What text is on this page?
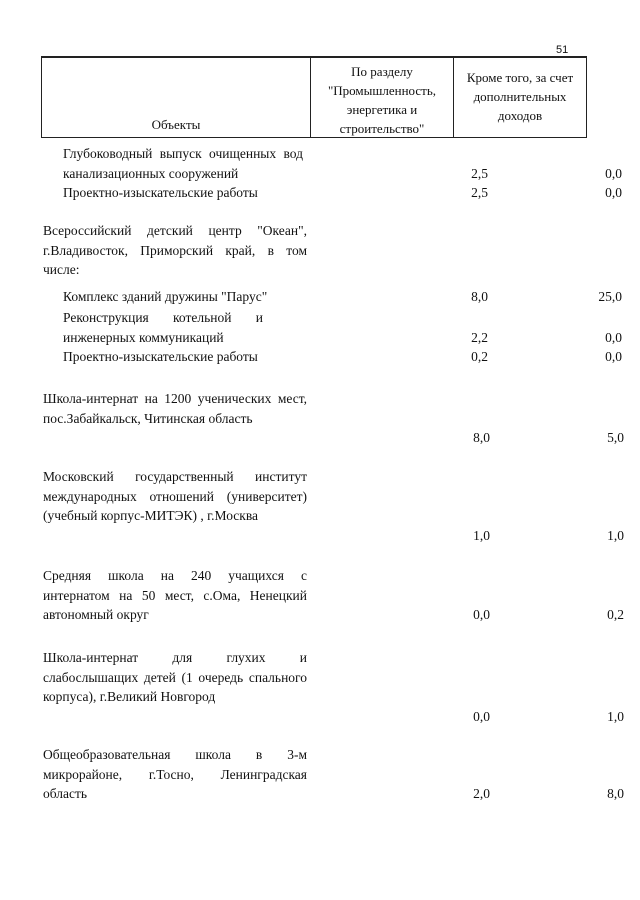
51
Объекты
По разделу "Промышленность, энергетика и строительство"
Кроме того, за счет дополнительных доходов
Глубоководный выпуск очищенных вод канализационных сооружений	2,5	0,0
Проектно-изыскательские работы	2,5	0,0
Всероссийский детский центр "Океан", г.Владивосток, Приморский край, в том числе:
Комплекс зданий дружины "Парус"	8,0	25,0
Реконструкция котельной и инженерных коммуникаций	2,2	0,0
Проектно-изыскательские работы	0,2	0,0
Школа-интернат на 1200 ученических мест, пос.Забайкальск, Читинская область
8,0	5,0
Московский государственный институт международных отношений (университет) (учебный корпус-МИТЭК) , г.Москва
1,0	1,0
Средняя школа на 240 учащихся с интернатом на 50 мест, с.Ома, Ненецкий автономный округ	0,0	0,2
Школа-интернат для глухих и слабослышащих детей (1 очередь спального корпуса), г.Великий Новгород
0,0	1,0
Общеобразовательная школа в 3-м микрорайоне, г.Тосно, Ленинградская область	2,0	8,0
